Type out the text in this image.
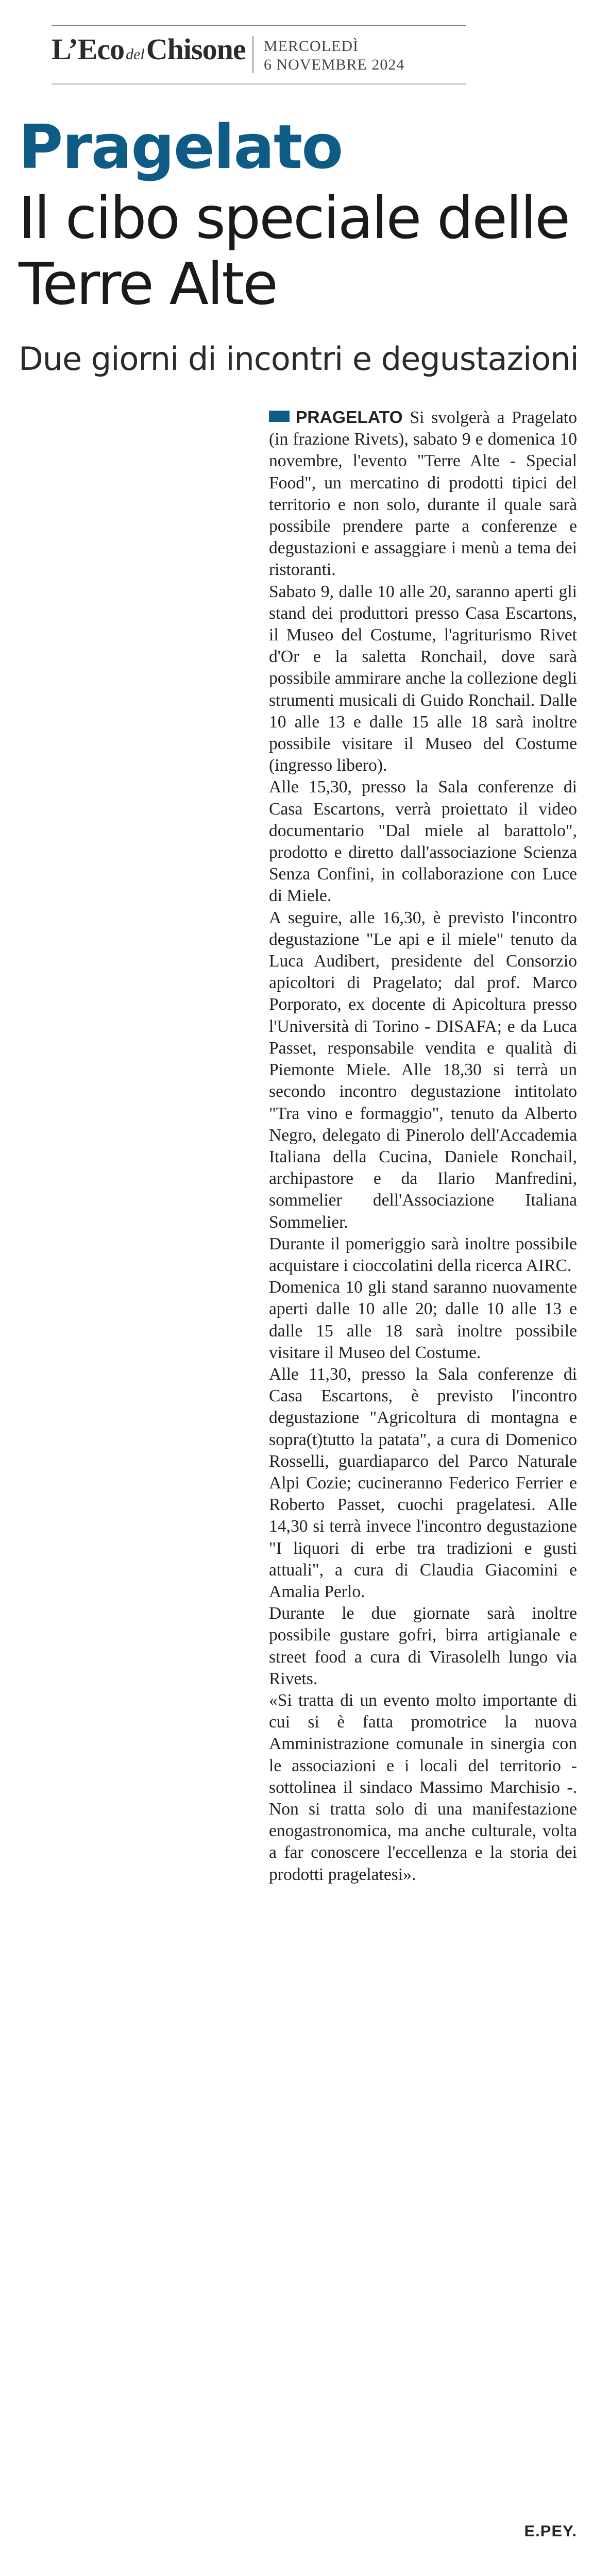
L’Eco del Chisone MERCOLEDÌ
6 NOVEMBRE 2024
Pragelato
Il cibo speciale delle Terre Alte
Due giorni di incontri e degustazioni

PRAGELATO Si svolgerà a Pragelato (in frazione Rivets), sabato 9 e domenica 10 novembre, l'evento "Terre Alte - Special Food", un mercatino di prodotti tipici del territorio e non solo, durante il quale sarà possibile prendere parte a conferenze e degustazioni e assaggiare i menù a tema dei ristoranti.

Sabato 9, dalle 10 alle 20, saranno aperti gli stand dei produttori presso Casa Escartons, il Museo del Costume, l'agriturismo Rivet d'Or e la saletta Ronchail, dove sarà possibile ammirare anche la collezione degli strumenti musicali di Guido Ronchail. Dalle 10 alle 13 e dalle 15 alle 18 sarà inoltre possibile visitare il Museo del Costume (ingresso libero).

Alle 15,30, presso la Sala conferenze di Casa Escartons, verrà proiettato il video documentario "Dal miele al barattolo", prodotto e diretto dall'associazione Scienza Senza Confini, in collaborazione con Luce di Miele.

A seguire, alle 16,30, è previsto l'incontro degustazione "Le api e il miele" tenuto da Luca Audibert, presidente del Consorzio apicoltori di Pragelato; dal prof. Marco Porporato, ex docente di Apicoltura presso l'Università di Torino - DISAFA; e da Luca Passet, responsabile vendita e qualità di Piemonte Miele. Alle 18,30 si terrà un secondo incontro degustazione intitolato "Tra vino e formaggio", tenuto da Alberto Negro, delegato di Pinerolo dell'Accademia Italiana della Cucina, Daniele Ronchail, archipastore e da Ilario Manfredini, sommelier dell'Associazione Italiana Sommelier.

Durante il pomeriggio sarà inoltre possibile acquistare i cioccolatini della ricerca AIRC.

Domenica 10 gli stand saranno nuovamente aperti dalle 10 alle 20; dalle 10 alle 13 e dalle 15 alle 18 sarà inoltre possibile visitare il Museo del Costume.

Alle 11,30, presso la Sala conferenze di Casa Escartons, è previsto l'incontro degustazione "Agricoltura di montagna e sopra(t)tutto la patata", a cura di Domenico Rosselli, guardiaparco del Parco Naturale Alpi Cozie; cucineranno Federico Ferrier e Roberto Passet, cuochi pragelatesi. Alle 14,30 si terrà invece l'incontro degustazione "I liquori di erbe tra tradizioni e gusti attuali", a cura di Claudia Giacomini e Amalia Perlo.

Durante le due giornate sarà inoltre possibile gustare gofri, birra artigianale e street food a cura di Virasolelh lungo via Rivets.

«Si tratta di un evento molto importante di cui si è fatta promotrice la nuova Amministrazione comunale in sinergia con le associazioni e i locali del territorio - sottolinea il sindaco Massimo Marchisio -. Non si tratta solo di una manifestazione enogastronomica, ma anche culturale, volta a far conoscere l'eccellenza e la storia dei prodotti pragelatesi».

E.PEY.
